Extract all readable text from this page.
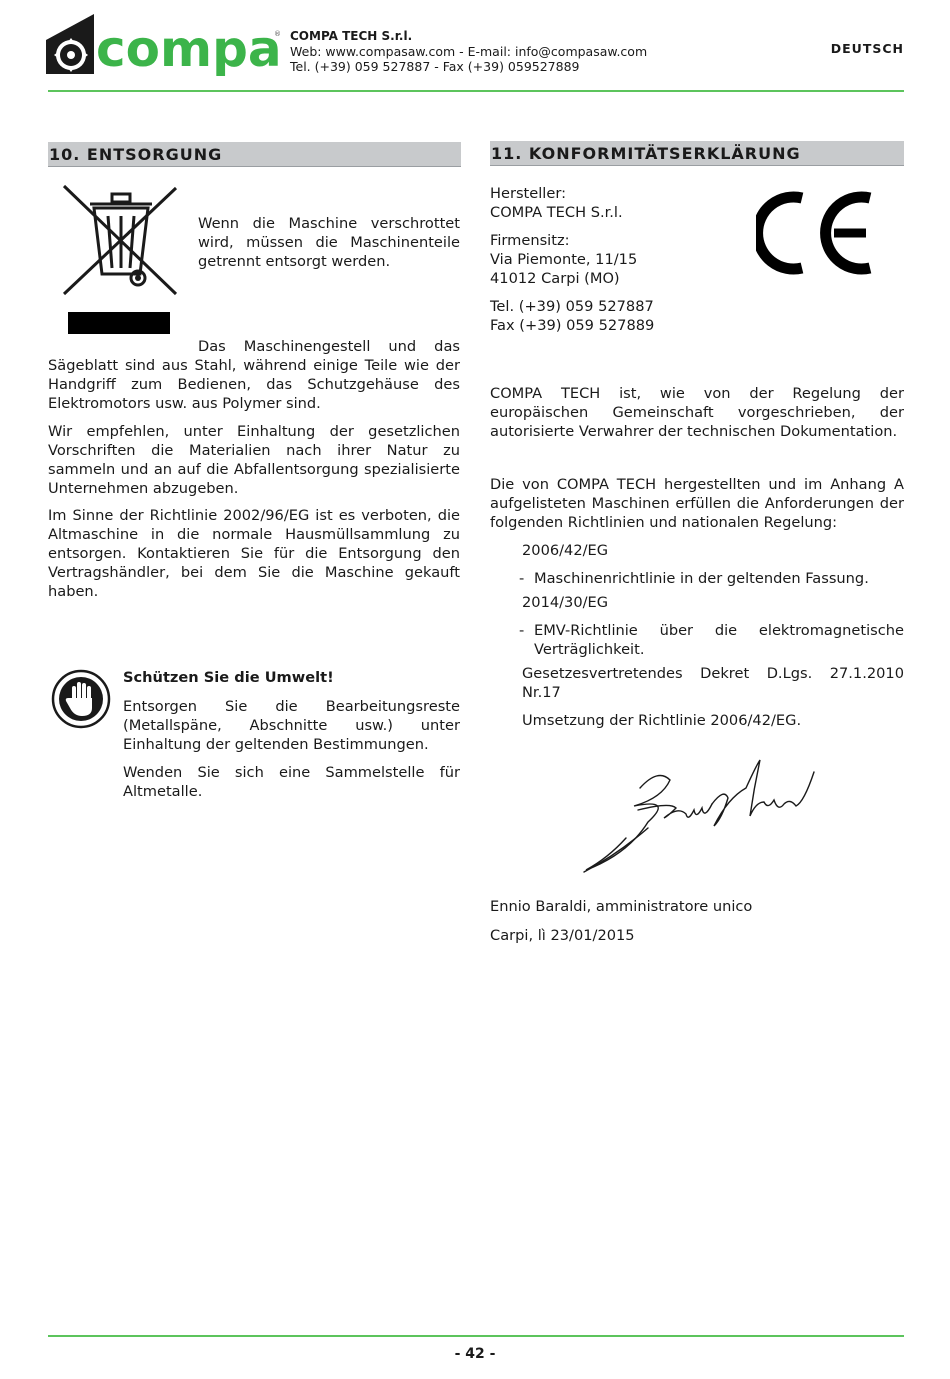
compa
® COMPA TECH S.r.l.
Web: www.compasaw.com - E-mail: info@compasaw.com
Tel. (+39) 059 527887 - Fax (+39) 059527889
DEUTSCH
10. ENTSORGUNG

Wenn die Maschine verschrottet wird, müssen die Maschinenteile getrennt entsorgt werden.

Das Maschinengestell und das

Sägeblatt sind aus Stahl, während einige Teile wie der Handgriff zum Bedienen, das Schutzgehäuse des Elektromotors usw. aus Polymer sind.

Wir empfehlen, unter Einhaltung der gesetzlichen Vorschriften die Materialien nach ihrer Natur zu sammeln und an auf die Abfallentsorgung spezialisierte Unternehmen abzugeben.

Im Sinne der Richtlinie 2002/96/EG ist es verboten, die Altmaschine in die normale Hausmüllsammlung zu entsorgen. Kontaktieren Sie für die Entsorgung den Vertragshändler, bei dem Sie die Maschine gekauft haben.

Schützen Sie die Umwelt!

Entsorgen Sie die Bearbeitungsreste (Metallspäne, Abschnitte usw.) unter Einhaltung der geltenden Bestimmungen.

Wenden Sie sich eine Sammelstelle für Altmetalle.

11. KONFORMITÄTSERKLÄRUNG
Hersteller:
COMPA TECH S.r.l.
Firmensitz:
Via Piemonte, 11/15
41012 Carpi (MO)
Tel. (+39) 059 527887
Fax (+39) 059 527889

COMPA TECH ist, wie von der Regelung der europäischen Gemeinschaft vorgeschrieben, der autorisierte Verwahrer der technischen Dokumentation.

Die von COMPA TECH hergestellten und im Anhang A aufgelisteten Maschinen erfüllen die Anforderungen der folgenden Richtlinien und nationalen Regelung:

2006/42/EG
- Maschinenrichtlinie in der geltenden Fassung.
2014/30/EG
- EMV-Richtlinie über die elektromagnetische Verträglichkeit.

Gesetzesvertretendes Dekret D.Lgs. 27.1.2010 Nr.17

Umsetzung der Richtlinie 2006/42/EG.

Ennio Baraldi, amministratore unico
Carpi, lì 23/01/2015
- 42 -
